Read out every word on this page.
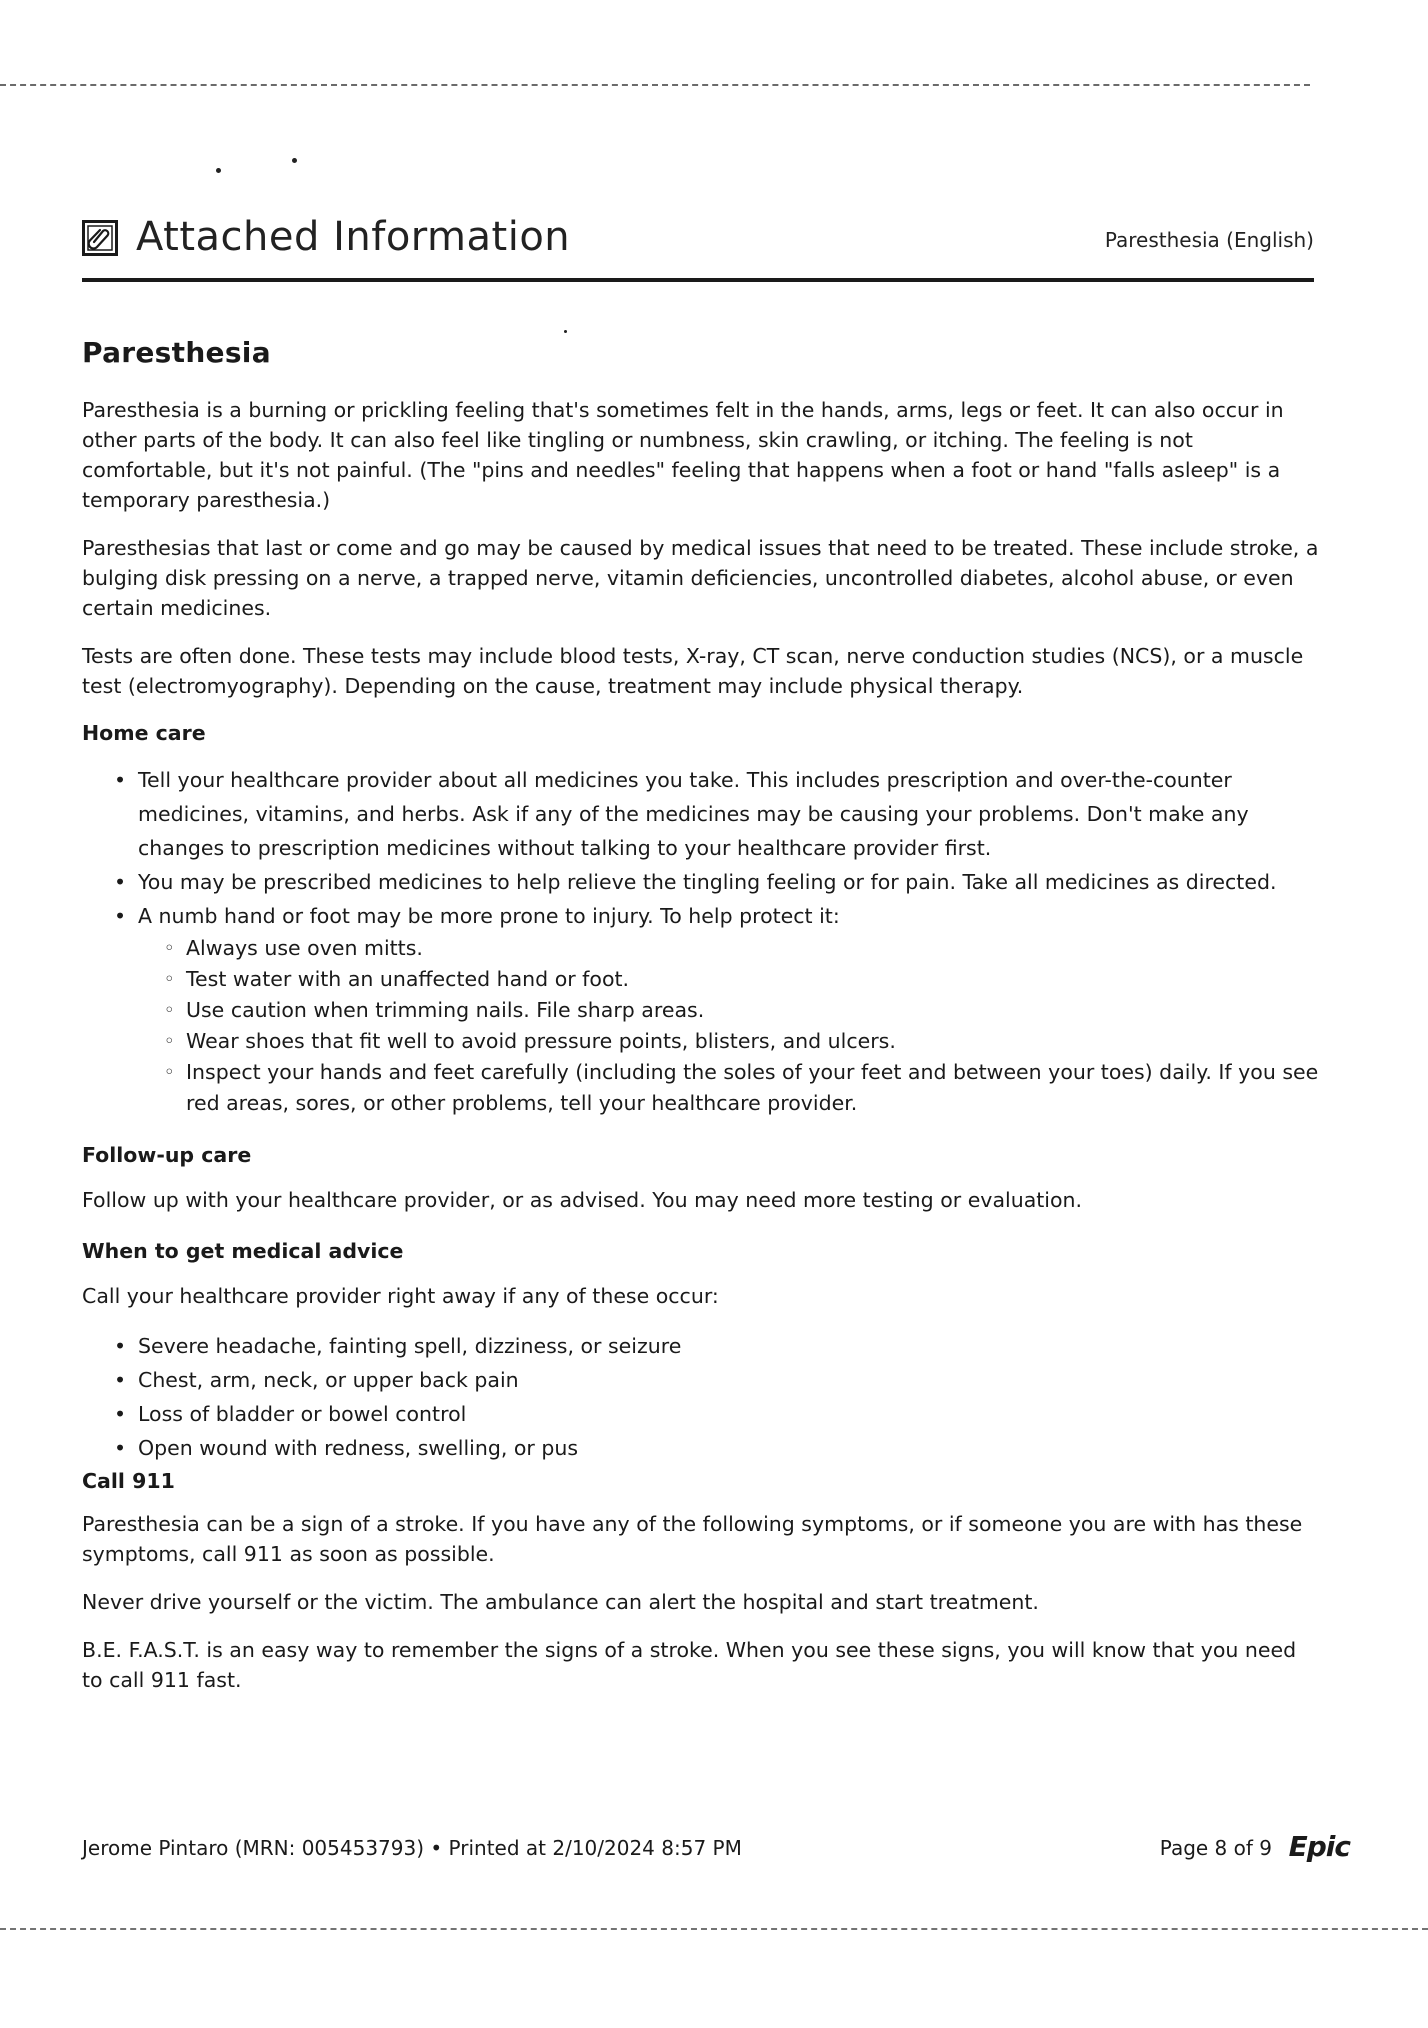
Attached Information	Paresthesia (English)
Paresthesia

Paresthesia is a burning or prickling feeling that's sometimes felt in the hands, arms, legs or feet. It can also occur in other parts of the body. It can also feel like tingling or numbness, skin crawling, or itching. The feeling is not comfortable, but it's not painful. (The "pins and needles" feeling that happens when a foot or hand "falls asleep" is a temporary paresthesia.)

Paresthesias that last or come and go may be caused by medical issues that need to be treated. These include stroke, a bulging disk pressing on a nerve, a trapped nerve, vitamin deficiencies, uncontrolled diabetes, alcohol abuse, or even certain medicines.

Tests are often done. These tests may include blood tests, X-ray, CT scan, nerve conduction studies (NCS), or a muscle test (electromyography). Depending on the cause, treatment may include physical therapy.

Home care
• Tell your healthcare provider about all medicines you take. This includes prescription and over-the-counter medicines, vitamins, and herbs. Ask if any of the medicines may be causing your problems. Don't make any changes to prescription medicines without talking to your healthcare provider first.
• You may be prescribed medicines to help relieve the tingling feeling or for pain. Take all medicines as directed.
• A numb hand or foot may be more prone to injury. To help protect it:
◦ Always use oven mitts.
◦ Test water with an unaffected hand or foot.
◦ Use caution when trimming nails. File sharp areas.
◦ Wear shoes that fit well to avoid pressure points, blisters, and ulcers.
◦ Inspect your hands and feet carefully (including the soles of your feet and between your toes) daily. If you see red areas, sores, or other problems, tell your healthcare provider.
Follow-up care

Follow up with your healthcare provider, or as advised. You may need more testing or evaluation.

When to get medical advice

Call your healthcare provider right away if any of these occur:

• Severe headache, fainting spell, dizziness, or seizure
• Chest, arm, neck, or upper back pain
• Loss of bladder or bowel control
• Open wound with redness, swelling, or pus
Call 911

Paresthesia can be a sign of a stroke. If you have any of the following symptoms, or if someone you are with has these symptoms, call 911 as soon as possible.

Never drive yourself or the victim. The ambulance can alert the hospital and start treatment.

B.E. F.A.S.T. is an easy way to remember the signs of a stroke. When you see these signs, you will know that you need to call 911 fast.

Jerome Pintaro (MRN: 005453793) • Printed at 2/10/2024 8:57 PM	Page 8 of 9 Epic
